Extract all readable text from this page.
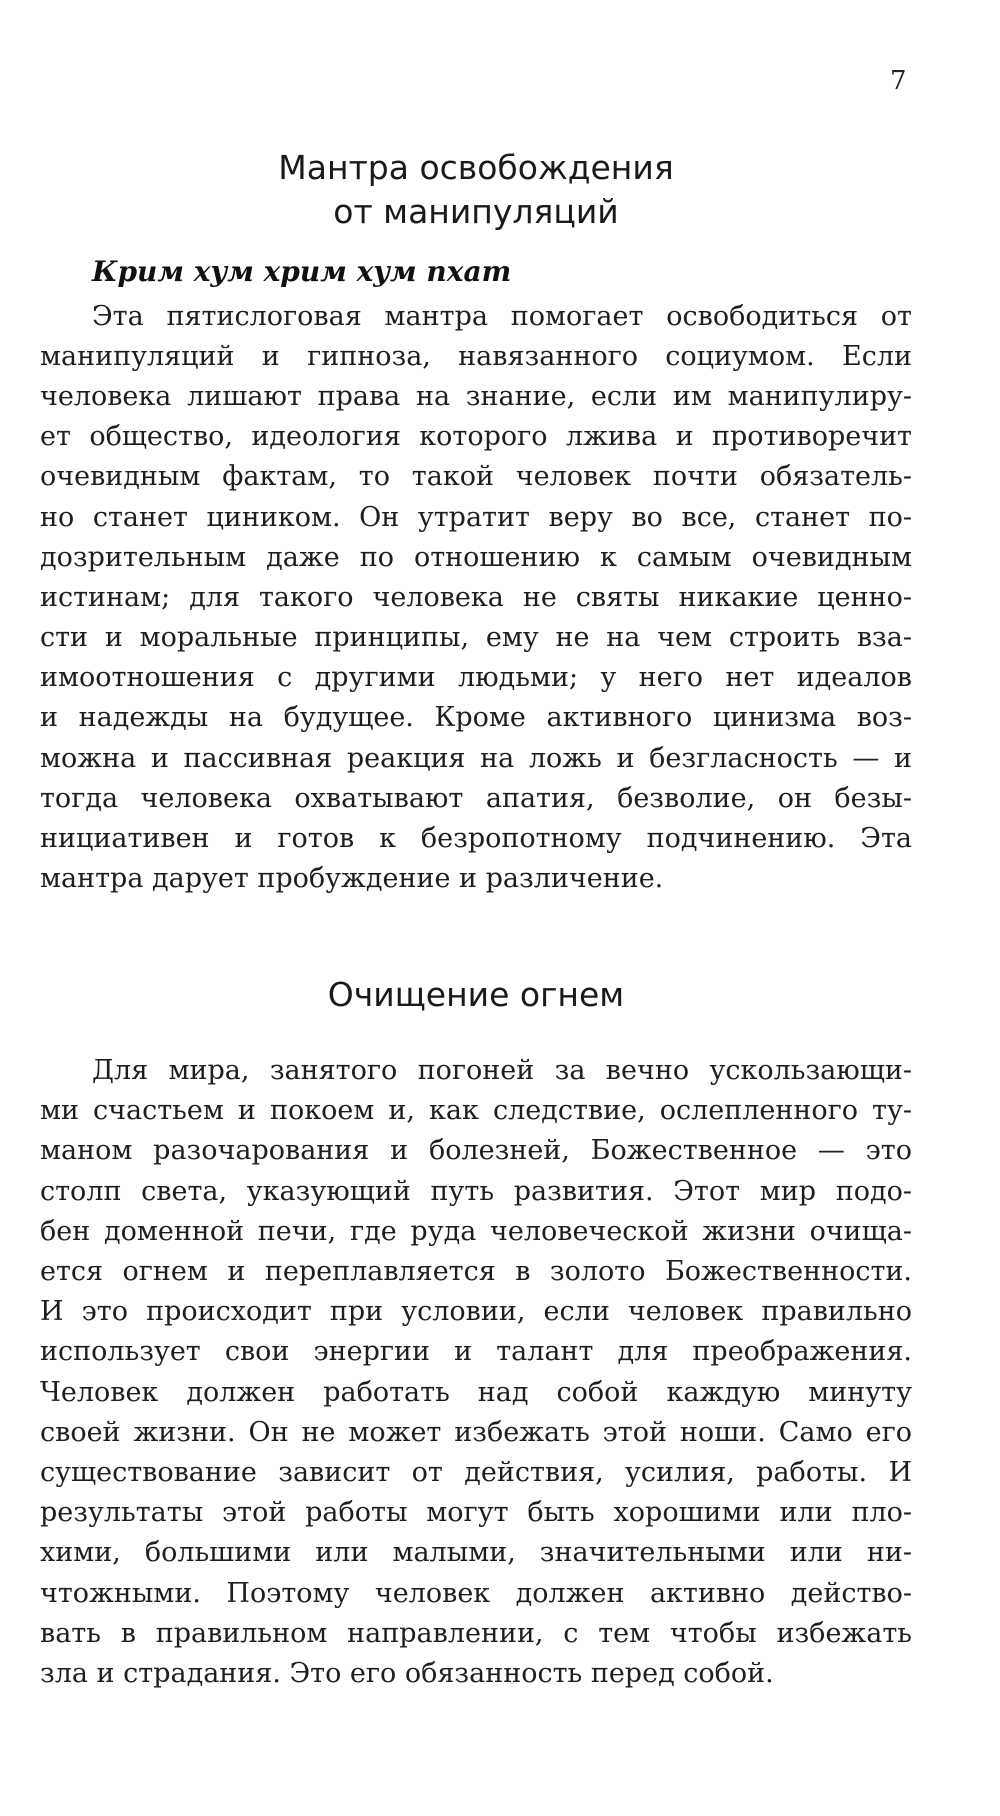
7
Мантра освобождения
от манипуляций
Крим хум хрим хум пхат
Эта пятислоговая мантра помогает освободиться от
манипуляций и гипноза, навязанного социумом. Если
человека лишают права на знание, если им манипулиру-
ет общество, идеология которого лжива и противоречит
очевидным фактам, то такой человек почти обязатель-
но станет циником. Он утратит веру во все, станет по-
дозрительным даже по отношению к самым очевидным
истинам; для такого человека не святы никакие ценно-
сти и моральные принципы, ему не на чем строить вза-
имоотношения с другими людьми; у него нет идеалов
и надежды на будущее. Кроме активного цинизма воз-
можна и пассивная реакция на ложь и безгласность — и
тогда человека охватывают апатия, безволие, он безы-
нициативен и готов к безропотному подчинению. Эта
мантра дарует пробуждение и различение.
Очищение огнем
Для мира, занятого погоней за вечно ускользающи-
ми счастьем и покоем и, как следствие, ослепленного ту-
маном разочарования и болезней, Божественное — это
столп света, указующий путь развития. Этот мир подо-
бен доменной печи, где руда человеческой жизни очища-
ется огнем и переплавляется в золото Божественности.
И это происходит при условии, если человек правильно
использует свои энергии и талант для преображения.
Человек должен работать над собой каждую минуту
своей жизни. Он не может избежать этой ноши. Само его
существование зависит от действия, усилия, работы. И
результаты этой работы могут быть хорошими или пло-
хими, большими или малыми, значительными или ни-
чтожными. Поэтому человек должен активно действо-
вать в правильном направлении, с тем чтобы избежать
зла и страдания. Это его обязанность перед собой.
